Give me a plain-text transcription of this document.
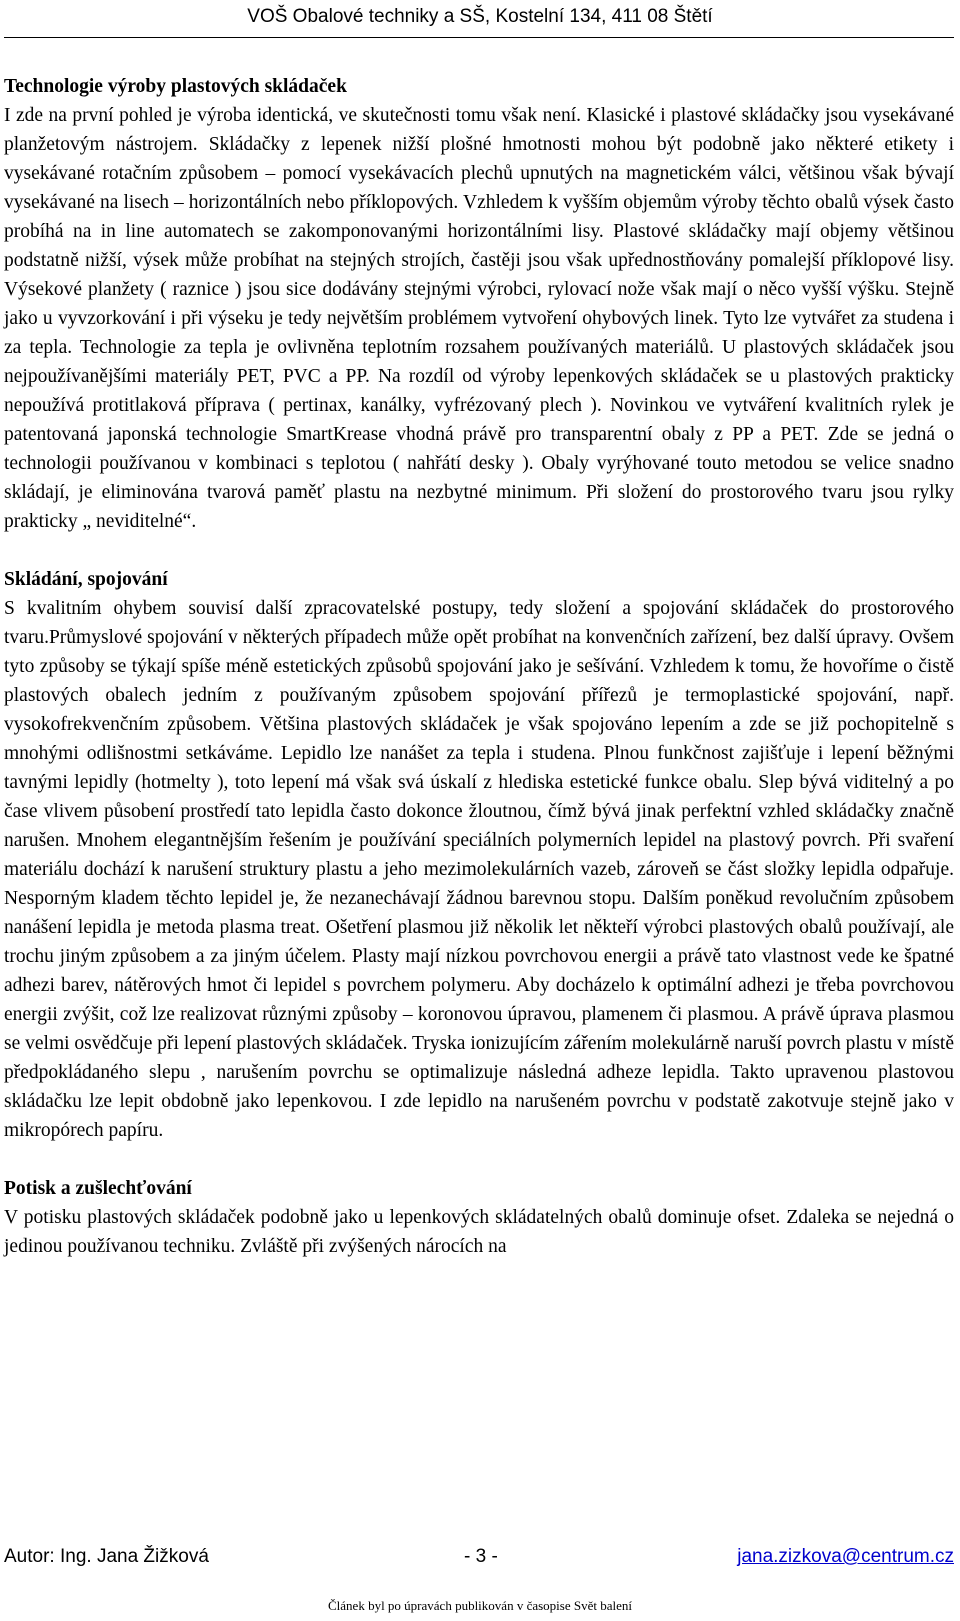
VOŠ Obalové techniky a SŠ, Kostelní 134, 411 08 Štětí

Technologie výroby plastových skládaček

I zde na první pohled je výroba identická, ve skutečnosti tomu však není. Klasické i plastové skládačky jsou vysekávané planžetovým nástrojem. Skládačky z lepenek nižší plošné hmotnosti mohou být podobně jako některé etikety i vysekávané rotačním způsobem – pomocí vysekávacích plechů upnutých na magnetickém válci, většinou však bývají vysekávané na lisech – horizontálních nebo příklopových. Vzhledem k vyšším objemům výroby těchto obalů výsek často probíhá na in line automatech se zakomponovanými horizontálními lisy. Plastové skládačky mají objemy většinou podstatně nižší, výsek může probíhat na stejných strojích, častěji jsou však upřednostňovány pomalejší příklopové lisy. Výsekové planžety ( raznice ) jsou sice dodávány stejnými výrobci, rylovací nože však mají o něco vyšší výšku. Stejně jako u vyvzorkování i při výseku je tedy největším problémem vytvoření ohybových linek. Tyto lze vytvářet za studena i za tepla. Technologie za tepla je ovlivněna teplotním rozsahem používaných materiálů. U plastových skládaček jsou nejpoužívanějšími materiály PET, PVC a PP. Na rozdíl od výroby lepenkových skládaček se u plastových prakticky nepoužívá protitlaková příprava ( pertinax, kanálky, vyfrézovaný plech ). Novinkou ve vytváření kvalitních rylek je patentovaná japonská technologie SmartKrease vhodná právě pro transparentní obaly z PP a PET. Zde se jedná o technologii používanou v kombinaci s teplotou ( nahřátí desky ). Obaly vyrýhované touto metodou se velice snadno skládají, je eliminována tvarová paměť plastu na nezbytné minimum. Při složení do prostorového tvaru jsou rylky prakticky „ neviditelné“.

Skládání, spojování

S kvalitním ohybem souvisí další zpracovatelské postupy, tedy složení a spojování skládaček do prostorového tvaru.Průmyslové spojování v některých případech může opět probíhat na konvenčních zařízení, bez další úpravy. Ovšem tyto způsoby se týkají spíše méně estetických způsobů spojování jako je sešívání. Vzhledem k tomu, že hovoříme o čistě plastových obalech jedním z používaným způsobem spojování přířezů je termoplastické spojování, např. vysokofrekvenčním způsobem. Většina plastových skládaček je však spojováno lepením a zde se již pochopitelně s mnohými odlišnostmi setkáváme. Lepidlo lze nanášet za tepla i studena. Plnou funkčnost zajišťuje i lepení běžnými tavnými lepidly (hotmelty ), toto lepení má však svá úskalí z hlediska estetické funkce obalu. Slep bývá viditelný a po čase vlivem působení prostředí tato lepidla často dokonce žloutnou, čímž bývá jinak perfektní vzhled skládačky značně narušen. Mnohem elegantnějším řešením je používání speciálních polymerních lepidel na plastový povrch. Při svaření materiálu dochází k narušení struktury plastu a jeho mezimolekulárních vazeb, zároveň se část složky lepidla odpařuje. Nesporným kladem těchto lepidel je, že nezanechávají žádnou barevnou stopu. Dalším poněkud revolučním způsobem nanášení lepidla je metoda plasma treat. Ošetření plasmou již několik let někteří výrobci plastových obalů používají, ale trochu jiným způsobem a za jiným účelem. Plasty mají nízkou povrchovou energii a právě tato vlastnost vede ke špatné adhezi barev, nátěrových hmot či lepidel s povrchem polymeru. Aby docházelo k optimální adhezi je třeba povrchovou energii zvýšit, což lze realizovat různými způsoby – koronovou úpravou, plamenem či plasmou. A právě úprava plasmou se velmi osvědčuje při lepení plastových skládaček. Tryska ionizujícím zářením molekulárně naruší povrch plastu v místě předpokládaného slepu , narušením povrchu se optimalizuje následná adheze lepidla. Takto upravenou plastovou skládačku lze lepit obdobně jako lepenkovou. I zde lepidlo na narušeném povrchu v podstatě zakotvuje stejně jako v mikropórech papíru.

Potisk a zušlechťování

V potisku plastových skládaček podobně jako u lepenkových skládatelných obalů dominuje ofset. Zdaleka se nejedná o jedinou používanou techniku. Zvláště při zvýšených nárocích na

Autor: Ing. Jana Žižková	- 3 -	jana.zizkova@centrum.cz
Článek byl po úpravách publikován v časopise Svět balení
